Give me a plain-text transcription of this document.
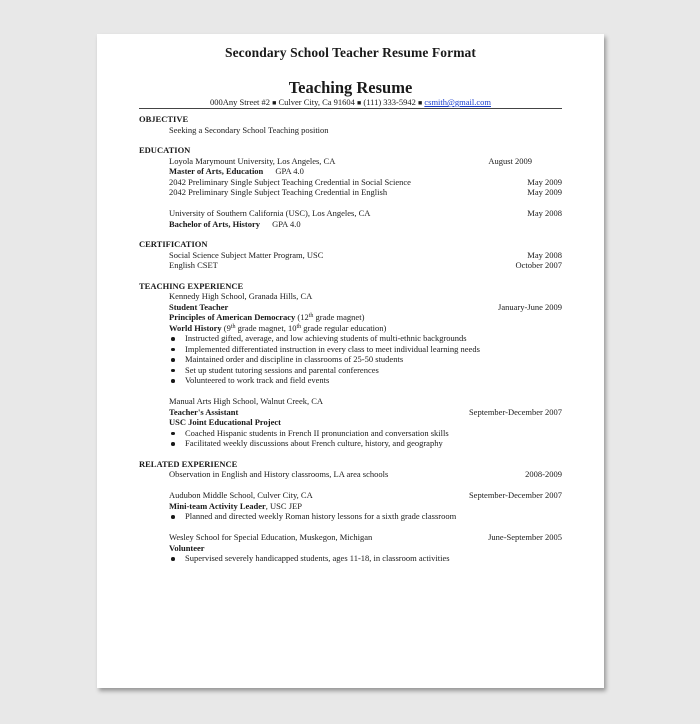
Secondary School Teacher Resume Format
Teaching Resume
000Any Street #2 ■ Culver City, Ca 91604 ■ (111) 333-5942 ■ csmith@gmail.com
OBJECTIVE
Seeking a Secondary School Teaching position
EDUCATION
Loyola Marymount University, Los Angeles, CA	August 2009
Master of Arts, Education GPA 4.0
2042 Preliminary Single Subject Teaching Credential in Social Science	May 2009
2042 Preliminary Single Subject Teaching Credential in English	May 2009
University of Southern California (USC), Los Angeles, CA	May 2008
Bachelor of Arts, History GPA 4.0
CERTIFICATION
Social Science Subject Matter Program, USC	May 2008
English CSET	October 2007
TEACHING EXPERIENCE
Kennedy High School, Granada Hills, CA
Student Teacher	January-June 2009
Principles of American Democracy (12th grade magnet)
World History (9th grade magnet, 10th grade regular education)
Instructed gifted, average, and low achieving students of multi-ethnic backgrounds
Implemented differentiated instruction in every class to meet individual learning needs
Maintained order and discipline in classrooms of 25-50 students
Set up student tutoring sessions and parental conferences
Volunteered to work track and field events
Manual Arts High School, Walnut Creek, CA
Teacher's Assistant	September-December 2007
USC Joint Educational Project
Coached Hispanic students in French II pronunciation and conversation skills
Facilitated weekly discussions about French culture, history, and geography
RELATED EXPERIENCE
Observation in English and History classrooms, LA area schools	2008-2009
Audubon Middle School, Culver City, CA	September-December 2007
Mini-team Activity Leader, USC JEP
Planned and directed weekly Roman history lessons for a sixth grade classroom
Wesley School for Special Education, Muskegon, Michigan	June-September 2005
Volunteer
Supervised severely handicapped students, ages 11-18, in classroom activities
